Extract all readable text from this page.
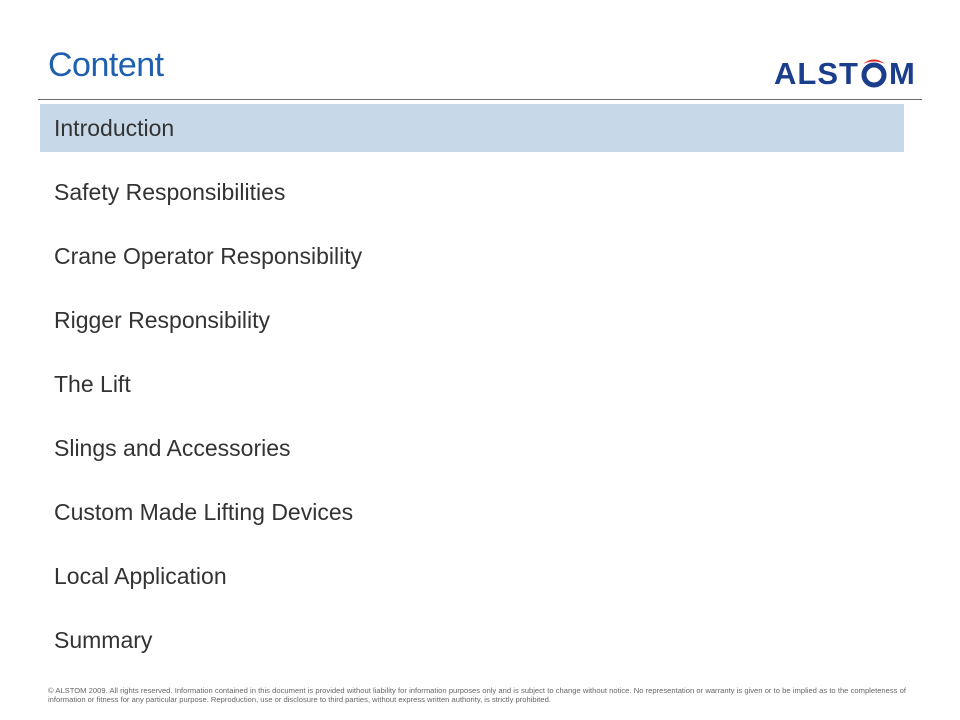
Content	ALST M
Introduction
Safety Responsibilities
Crane Operator Responsibility
Rigger Responsibility
The Lift
Slings and Accessories
Custom Made Lifting Devices
Local Application
Summary
© ALSTOM 2009. All rights reserved. Information contained in this document is provided without liability for information purposes only and is subject to change without notice. No representation or warranty is given or to be implied as to the completeness of information or fitness for any particular purpose. Reproduction, use or disclosure to third parties, without express written authority, is strictly prohibited.
